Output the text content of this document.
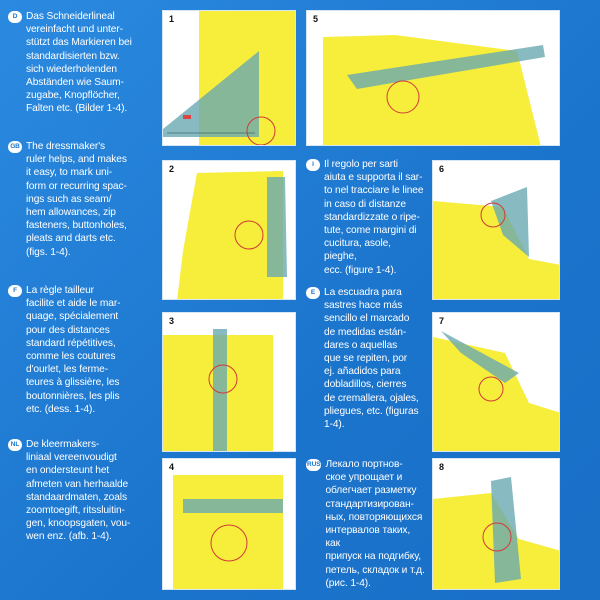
D Das Schneiderlineal
vereinfacht und unter-
stützt das Markieren bei
standardisierten bzw.
sich wiederholenden
Abständen wie Saum-
zugabe, Knopflöcher,
Falten etc. (Bilder 1-4).
GB The dressmaker's
ruler helps, and makes
it easy, to mark uni-
form or recurring spac-
ings such as seam/
hem allowances, zip
fasteners, buttonholes,
pleats and darts etc.
(figs. 1-4).
F La règle tailleur
facilite et aide le mar-
quage, spécialement
pour des distances
standard répétitives,
comme les coutures
d'ourlet, les ferme-
teures à glissière, les
boutonnières, les plis
etc. (dess. 1-4).
NL De kleermakers-
liniaal vereenvoudigt
en ondersteunt het
afmeten van herhaalde
standaardmaten, zoals
zoomtoegift, ritssluitin-
gen, knoopsgaten, vou-
wen enz. (afb. 1-4).
I Il regolo per sarti
aiuta e supporta il sar-
to nel tracciare le linee
in caso di distanze
standardizzate o ripe-
tute, come margini di
cucitura, asole, pieghe,
ecc. (figure 1-4).
E La escuadra para
sastres hace más
sencillo el marcado
de medidas están-
dares o aquellas
que se repiten, por
ej. añadidos para
dobladillos, cierres
de cremallera, ojales,
pliegues, etc. (figuras
1-4).
RUS Лекало портнов-
ское упрощает и
облегчает разметку
стандартизирован-
ных, повторяющихся
интервалов таких, как
припуск на подгибку,
петель, складок и т.д.
(рис. 1-4).
1
2
3
4
5
6
7
8
